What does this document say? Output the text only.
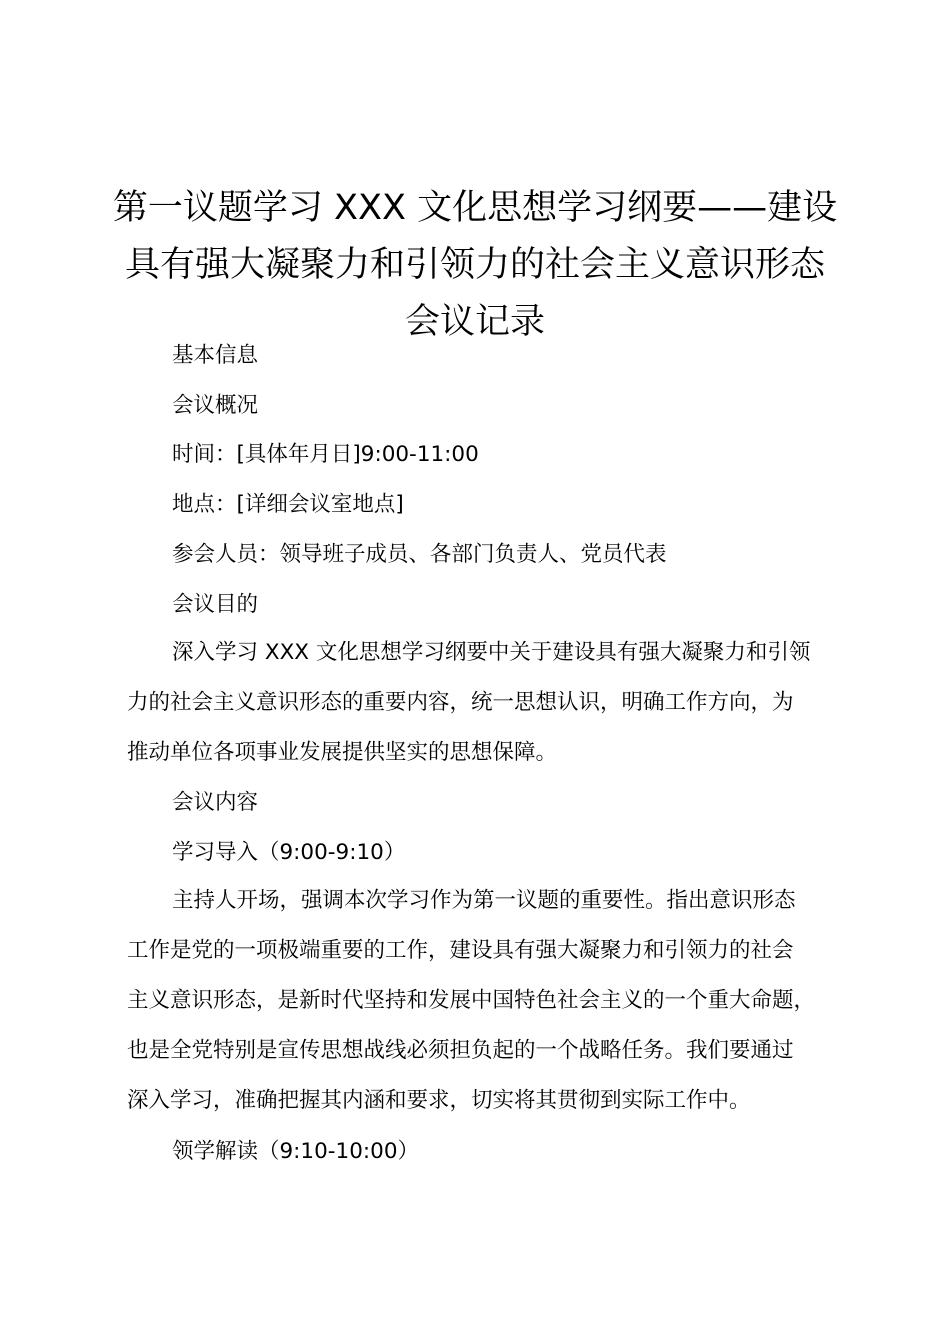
第一议题学习 XXX 文化思想学习纲要——建设
具有强大凝聚力和引领力的社会主义意识形态
会议记录

基本信息

会议概况

时间：[具体年月日]9:00-11:00

地点：[详细会议室地点]

参会人员：领导班子成员、各部门负责人、党员代表

会议目的

深入学习 XXX 文化思想学习纲要中关于建设具有强大凝聚力和引领
力的社会主义意识形态的重要内容，统一思想认识，明确工作方向，为
推动单位各项事业发展提供坚实的思想保障。

会议内容

学习导入（9:00-9:10）

主持人开场，强调本次学习作为第一议题的重要性。指出意识形态
工作是党的一项极端重要的工作，建设具有强大凝聚力和引领力的社会
主义意识形态，是新时代坚持和发展中国特色社会主义的一个重大命题，
也是全党特别是宣传思想战线必须担负起的一个战略任务。我们要通过
深入学习，准确把握其内涵和要求，切实将其贯彻到实际工作中。

领学解读（9:10-10:00）
